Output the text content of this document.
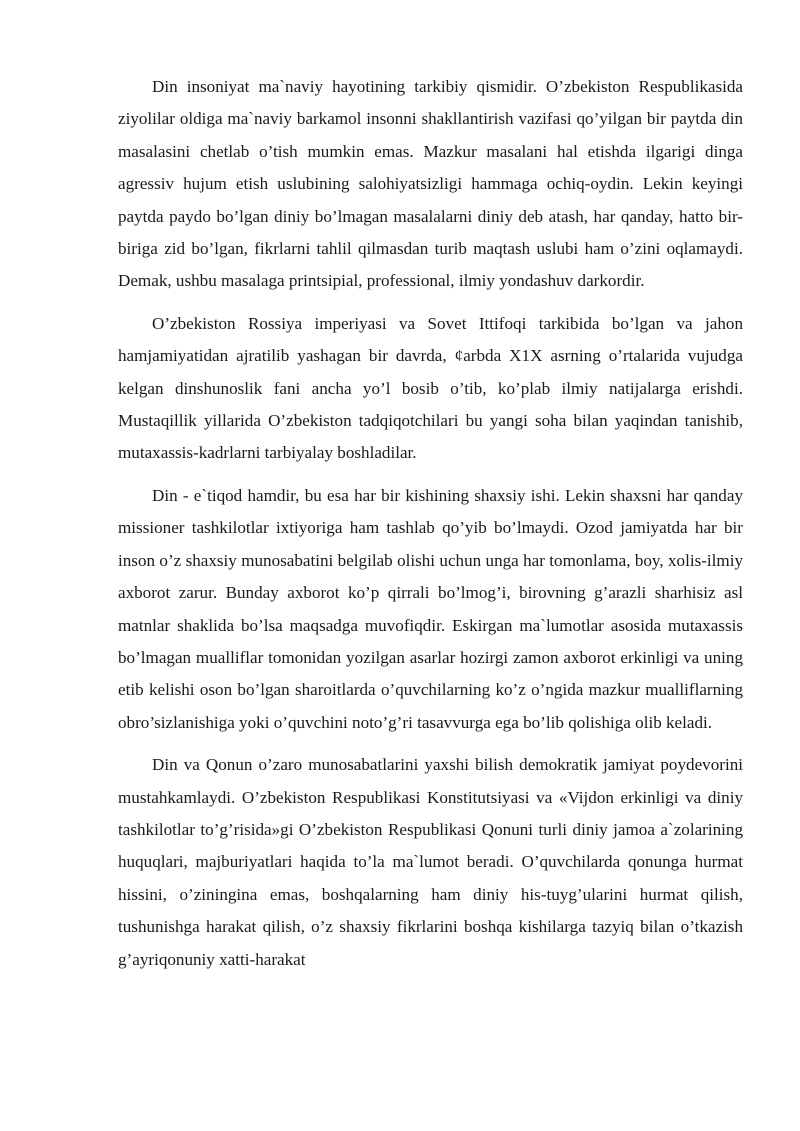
Din insoniyat ma`naviy hayotining tarkibiy qismidir. O’zbekiston Respublikasida ziyolilar oldiga ma`naviy barkamol insonni shakllantirish vazifasi qo’yilgan bir paytda din masalasini chetlab o’tish mumkin emas. Mazkur masalani hal etishda ilgarigi dinga agressiv hujum etish uslubining salohiyatsizligi hammaga ochiq-oydin. Lekin keyingi paytda paydo bo’lgan diniy bo’lmagan masalalarni diniy deb atash, har qanday, hatto bir-biriga zid bo’lgan, fikrlarni tahlil qilmasdan turib maqtash uslubi ham o’zini oqlamaydi. Demak, ushbu masalaga printsipial, professional, ilmiy yondashuv darkordir.

O’zbekiston Rossiya imperiyasi va Sovet Ittifoqi tarkibida bo’lgan va jahon hamjamiyatidan ajratilib yashagan bir davrda, ¢arbda X1X asrning o’rtalarida vujudga kelgan dinshunoslik fani ancha yo’l bosib o’tib, ko’plab ilmiy natijalarga erishdi. Mustaqillik yillarida O’zbekiston tadqiqotchilari bu yangi soha bilan yaqindan tanishib, mutaxassis-kadrlarni tarbiyalay boshladilar.

Din - e`tiqod hamdir, bu esa har bir kishining shaxsiy ishi. Lekin shaxsni har qanday missioner tashkilotlar ixtiyoriga ham tashlab qo’yib bo’lmaydi. Ozod jamiyatda har bir inson o’z shaxsiy munosabatini belgilab olishi uchun unga har tomonlama, boy, xolis-ilmiy axborot zarur. Bunday axborot ko’p qirrali bo’lmog’i, birovning g’arazli sharhisiz asl matnlar shaklida bo’lsa maqsadga muvofiqdir. Eskirgan ma`lumotlar asosida mutaxassis bo’lmagan mualliflar tomonidan yozilgan asarlar hozirgi zamon axborot erkinligi va uning etib kelishi oson bo’lgan sharoitlarda o’quvchilarning ko’z o’ngida mazkur mualliflarning obro’sizlanishiga yoki o’quvchini noto’g’ri tasavvurga ega bo’lib qolishiga olib keladi.

Din va Qonun o’zaro munosabatlarini yaxshi bilish demokratik jamiyat poydevorini mustahkamlaydi. O’zbekiston Respublikasi Konstitutsiyasi va «Vijdon erkinligi va diniy tashkilotlar to’g’risida»gi O’zbekiston Respublikasi Qonuni turli diniy jamoa a`zolarining huquqlari, majburiyatlari haqida to’la ma`lumot beradi. O’quvchilarda qonunga hurmat hissini, o’ziningina emas, boshqalarning ham diniy his-tuyg’ularini hurmat qilish, tushunishga harakat qilish, o’z shaxsiy fikrlarini boshqa kishilarga tazyiq bilan o’tkazish g’ayriqonuniy xatti-harakat
